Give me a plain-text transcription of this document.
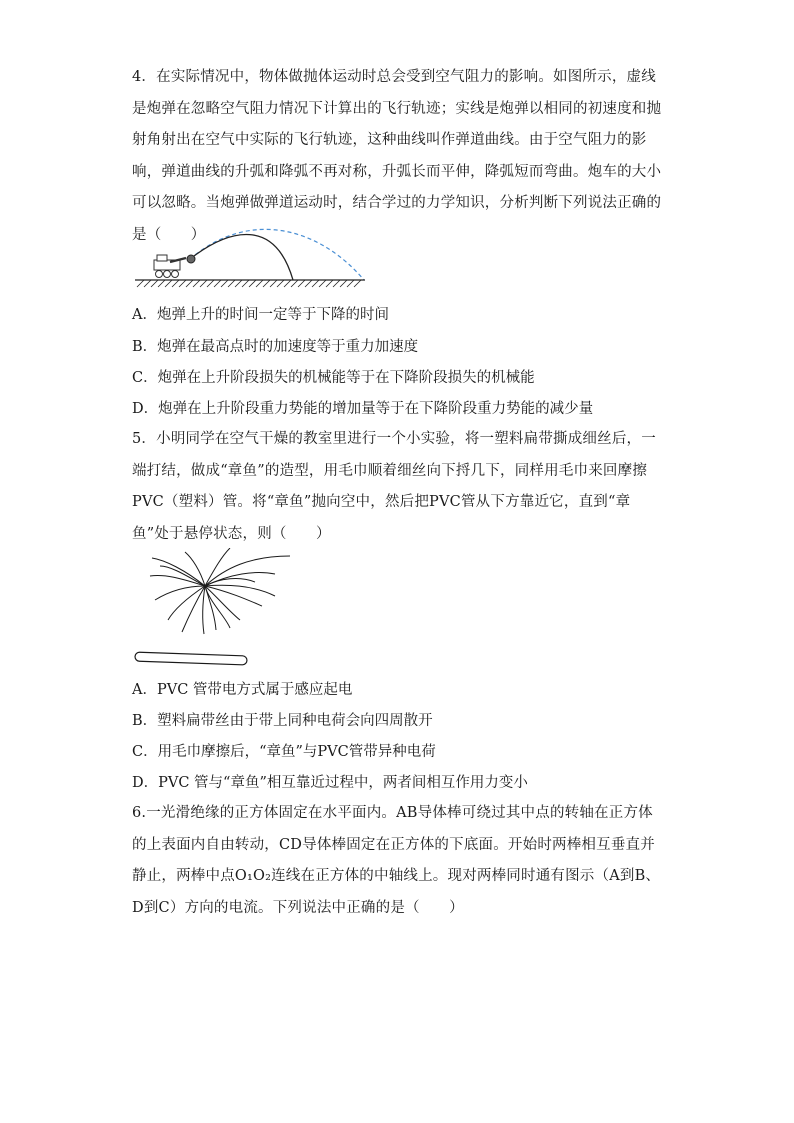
4．在实际情况中，物体做抛体运动时总会受到空气阻力的影响。如图所示，虚线是炮弹在忽略空气阻力情况下计算出的飞行轨迹；实线是炮弹以相同的初速度和抛射角射出在空气中实际的飞行轨迹，这种曲线叫作弹道曲线。由于空气阻力的影响，弹道曲线的升弧和降弧不再对称，升弧长而平伸，降弧短而弯曲。炮车的大小可以忽略。当炮弹做弹道运动时，结合学过的力学知识，分析判断下列说法正确的是（　　）

A．炮弹上升的时间一定等于下降的时间

B．炮弹在最高点时的加速度等于重力加速度

C．炮弹在上升阶段损失的机械能等于在下降阶段损失的机械能

D．炮弹在上升阶段重力势能的增加量等于在下降阶段重力势能的减少量

5．小明同学在空气干燥的教室里进行一个小实验，将一塑料扁带撕成细丝后，一端打结，做成“章鱼”的造型，用毛巾顺着细丝向下捋几下，同样用毛巾来回摩擦PVC（塑料）管。将“章鱼”抛向空中，然后把PVC管从下方靠近它，直到“章鱼”处于悬停状态，则（　　）

A．PVC 管带电方式属于感应起电

B．塑料扁带丝由于带上同种电荷会向四周散开

C．用毛巾摩擦后，“章鱼”与PVC管带异种电荷

D．PVC 管与“章鱼”相互靠近过程中，两者间相互作用力变小

6.一光滑绝缘的正方体固定在水平面内。AB导体棒可绕过其中点的转轴在正方体的上表面内自由转动，CD导体棒固定在正方体的下底面。开始时两棒相互垂直并静止，两棒中点O₁O₂连线在正方体的中轴线上。现对两棒同时通有图示（A到B、D到C）方向的电流。下列说法中正确的是（　　）
